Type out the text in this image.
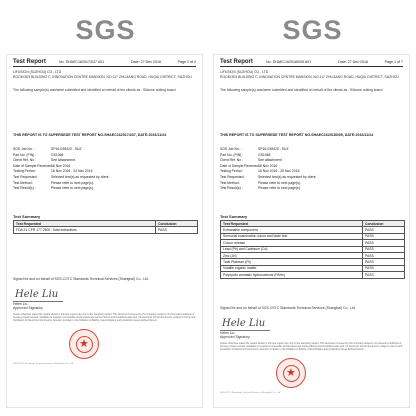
Test Report	No. SHAEC1625174/37 A01	Date: 27 Dec 2016	Page 1 of 4
LIFUSION (SUZHOU) CO., LTD
ROOM 503 BUILDING C, INNOVATION CENTRE MANSION, NO.117 ZHUJIANG ROAD, HUQIU DISTRICT, SUZHOU
The following sample(s) was/were submitted and identified on behalf of the clients as : Silicone cutting board
THIS REPORT IS TO SUPERSEDE TEST REPORT NO.SHAEC1625174/37, DATE:2016/11/24
SGS Job No. :	SP16-038420 - SUZ
Part No. (PIN) :	GS1068
Client Ref. No :	See Attachment
Date of Sample Received :
16 Nov 2016
Testing Period :	16 Nov 2016 - 24 Nov 2016
Test Requested :	Selected test(s) as requested by client.
Test Method :	Please refer to next page(s).
Test Result(s) :	Please refer to next page(s).
Test Summary
Test Requested	Conclusion
FDA 21 CFR 177.2600 -Total extractives	PASS
Signed for and on behalf of SGS-CSTC Standards Technical Services (Shanghai) Co., Ltd.
Hele Liu
Helen Liu
Approved Signatory
Unless otherwise stated the results shown in this test report refer only to the sample(s) tested. This document is issued by the Company subject to its General Conditions of Service printed overleaf, available on request or accessible at http://www.sgs.com/en/Terms-and-Conditions.aspx and, for electronic format documents, subject to Terms and Conditions for Electronic Documents. Attention is drawn to the limitation of liability, indemnification and jurisdiction issues defined therein.
★
SGS-CSTC Standards Technical Services (Shanghai) Co., Ltd.
SGS
Test Report	No. SHAEC1625180/05 A01	Date: 27 Dec 2016	Page 1 of 7
LIFUSION (SUZHOU) CO., LTD
ROOM 503 BUILDING C, INNOVATION CENTRE MANSION, NO.117 ZHUJIANG ROAD, HUQIU DISTRICT, SUZHOU
The following sample(s) was/were submitted and identified on behalf of the clients as : Silicone cutting board
THIS REPORT IS TO SUPERSEDE TEST REPORT NO.SHAEC1625180/05, DATE:2016/11/24
SGS Job No. :	SP16-038420 - SUZ
Part No. (PIN) :	GS1068
Client Ref. No :	See attachment
Date of Sample Received :
16 Nov 2016
Testing Period :	16 Nov 2016 - 25 Nov 2016
Test Requested :	Selected test(s) as requested by client.
Test Method :	Please refer to next page(s).
Test Result(s) :	Please refer to next page(s).
Test Summary
Test Requested	Conclusion
Extractable component	PASS
Sensorial examination odour and taste test	PASS
Colour release	PASS
Lead (Pb) and Cadmium (Cd)	PASS
Zinc (Zn)	PASS
Total Platinum (Pt)	PASS
Volatile organic matter	PASS
Polycyclic aromatic hydrocarbons (PAHs)	PASS
Signed for and on behalf of SGS-CSTC Standards Technical Services (Shanghai) Co., Ltd.
Hele Liu
Helen Liu
Approved Signatory
Unless otherwise stated the results shown in this test report refer only to the sample(s) tested. This document is issued by the Company subject to its General Conditions of Service printed overleaf, available on request or accessible at http://www.sgs.com/en/Terms-and-Conditions.aspx and, for electronic format documents, subject to Terms and Conditions for Electronic Documents. Attention is drawn to the limitation of liability, indemnification and jurisdiction issues defined therein.
★
SGS-CSTC Standards Technical Services (Shanghai) Co., Ltd.
SGS
